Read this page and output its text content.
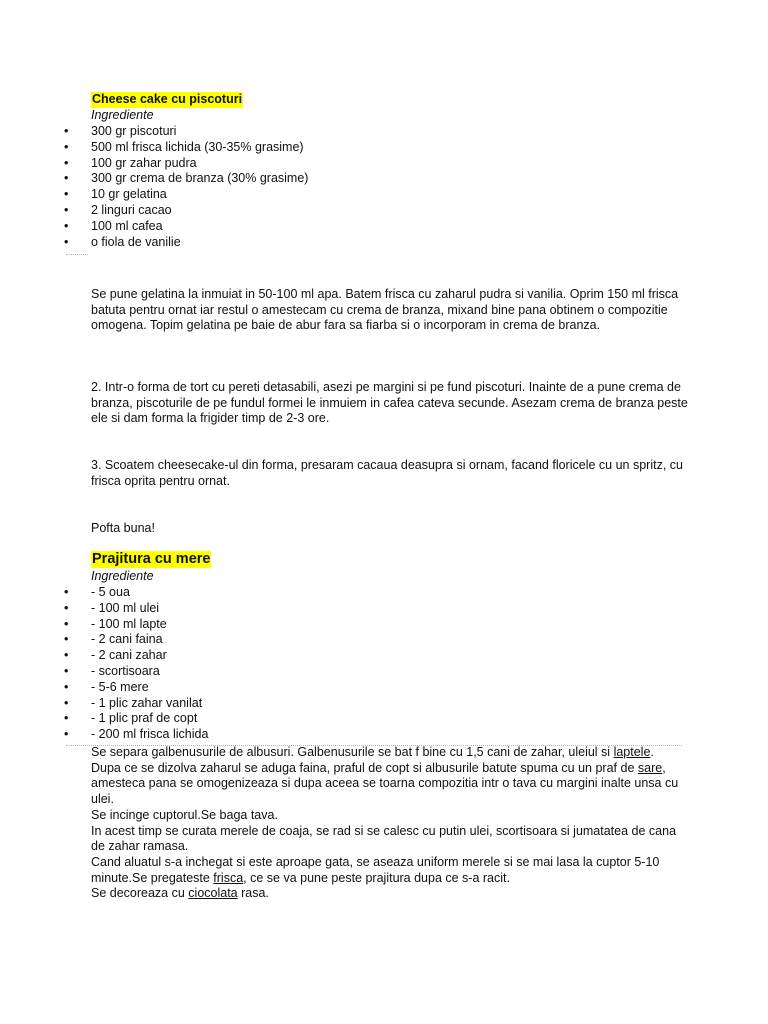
Cheese cake cu piscoturi
Ingrediente
• 300 gr piscoturi
• 500 ml frisca lichida (30-35% grasime)
• 100 gr zahar pudra
• 300 gr crema de branza (30% grasime)
• 10 gr gelatina
• 2 linguri cacao
• 100 ml cafea
• o fiola de vanilie

Se pune gelatina la inmuiat in 50-100 ml apa. Batem frisca cu zaharul pudra si vanilia. Oprim 150 ml frisca batuta pentru ornat iar restul o amestecam cu crema de branza, mixand bine pana obtinem o compozitie omogena. Topim gelatina pe baie de abur fara sa fiarba si o incorporam in crema de branza.

2. Intr-o forma de tort cu pereti detasabili, asezi pe margini si pe fund piscoturi. Inainte de a pune crema de branza, piscoturile de pe fundul formei le inmuiem in cafea cateva secunde. Asezam crema de branza peste ele si dam forma la frigider timp de 2-3 ore.

3. Scoatem cheesecake-ul din forma, presaram cacaua deasupra si ornam, facand floricele cu un spritz, cu frisca oprita pentru ornat.

Pofta buna!

Prajitura cu mere
Ingrediente
• - 5 oua
• - 100 ml ulei
• - 100 ml lapte
• - 2 cani faina
• - 2 cani zahar
• - scortisoara
• - 5-6 mere
• - 1 plic zahar vanilat
• - 1 plic praf de copt
• - 200 ml frisca lichida
Se separa galbenusurile de albusuri. Galbenusurile se bat f bine cu 1,5 cani de zahar, uleiul si laptele.
Dupa ce se dizolva zaharul se aduga faina, praful de copt si albusurile batute spuma cu un praf de sare, amesteca pana se omogenizeaza si dupa aceea se toarna compozitia intr o tava cu margini inalte unsa cu ulei.
Se incinge cuptorul.Se baga tava.
In acest timp se curata merele de coaja, se rad si se calesc cu putin ulei, scortisoara si jumatatea de cana de zahar ramasa.
Cand aluatul s-a inchegat si este aproape gata, se aseaza uniform merele si se mai lasa la cuptor 5-10 minute.Se pregateste frisca, ce se va pune peste prajitura dupa ce s-a racit.
Se decoreaza cu ciocolata rasa.
